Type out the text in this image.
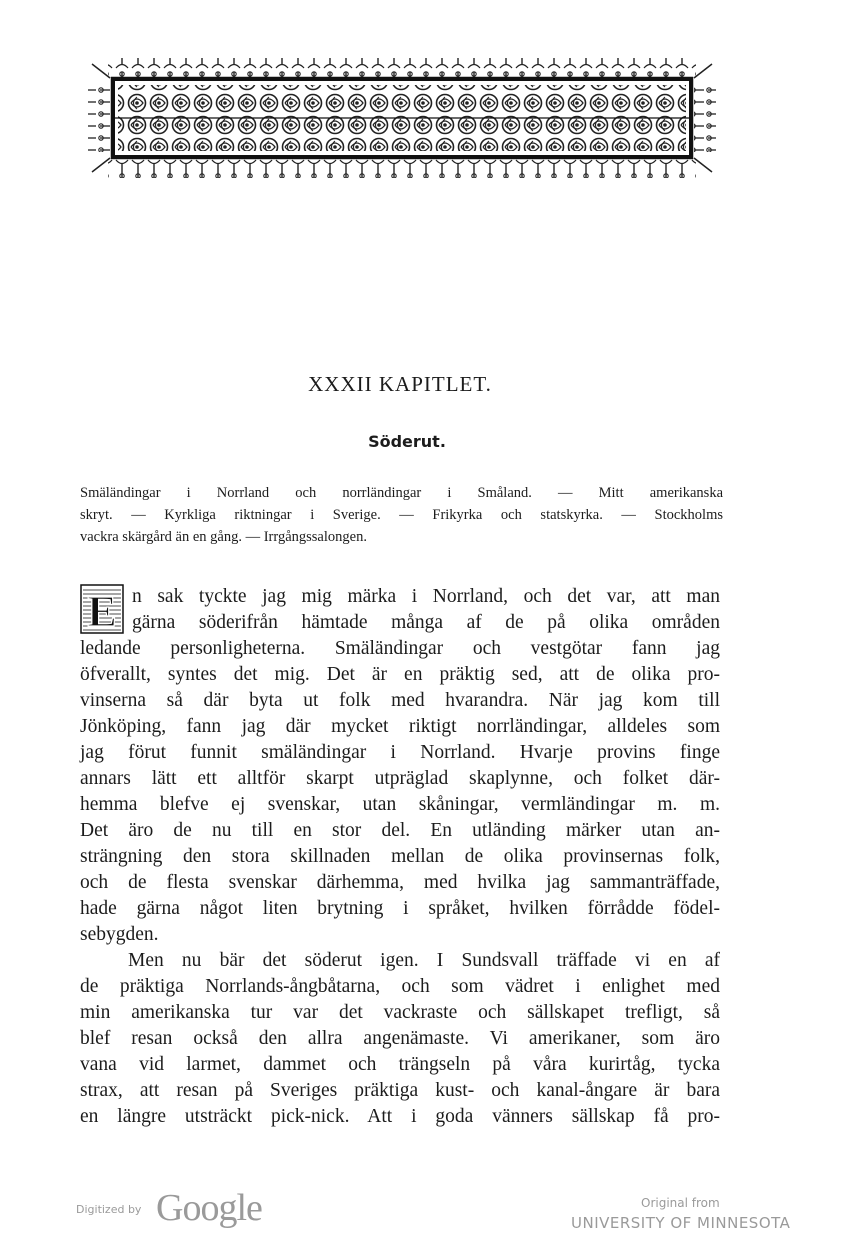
XXXII KAPITLET.
Söderut.
Smäländingar i Norrland och norrländingar i Småland. — Mitt amerikanska
skryt. — Kyrkliga riktningar i Sverige. — Frikyrka och statskyrka. — Stockholms
vackra skärgård än en gång. — Irrgångssalongen.
E n sak tyckte jag mig märka i Norrland, och det var, att man
gärna söderifrån hämtade många af de på olika områden
ledande personligheterna. Smäländingar och vestgötar fann jag
öfverallt, syntes det mig. Det är en präktig sed, att de olika pro-
vinserna så där byta ut folk med hvarandra. När jag kom till
Jönköping, fann jag där mycket riktigt norrländingar, alldeles som
jag förut funnit smäländingar i Norrland. Hvarje provins finge
annars lätt ett alltför skarpt utpräglad skaplynne, och folket där-
hemma blefve ej svenskar, utan skåningar, vermländingar m. m.
Det äro de nu till en stor del. En utländing märker utan an-
strängning den stora skillnaden mellan de olika provinsernas folk,
och de flesta svenskar därhemma, med hvilka jag sammanträffade,
hade gärna något liten brytning i språket, hvilken förrådde födel-
sebygden.
Men nu bär det söderut igen. I Sundsvall träffade vi en af
de präktiga Norrlands-ångbåtarna, och som vädret i enlighet med
min amerikanska tur var det vackraste och sällskapet trefligt, så
blef resan också den allra angenämaste. Vi amerikaner, som äro
vana vid larmet, dammet och trängseln på våra kurirtåg, tycka
strax, att resan på Sveriges präktiga kust- och kanal-ångare är bara
en längre utsträckt pick-nick. Att i goda vänners sällskap få pro-
Digitized by Google	Original from
UNIVERSITY OF MINNESOTA
